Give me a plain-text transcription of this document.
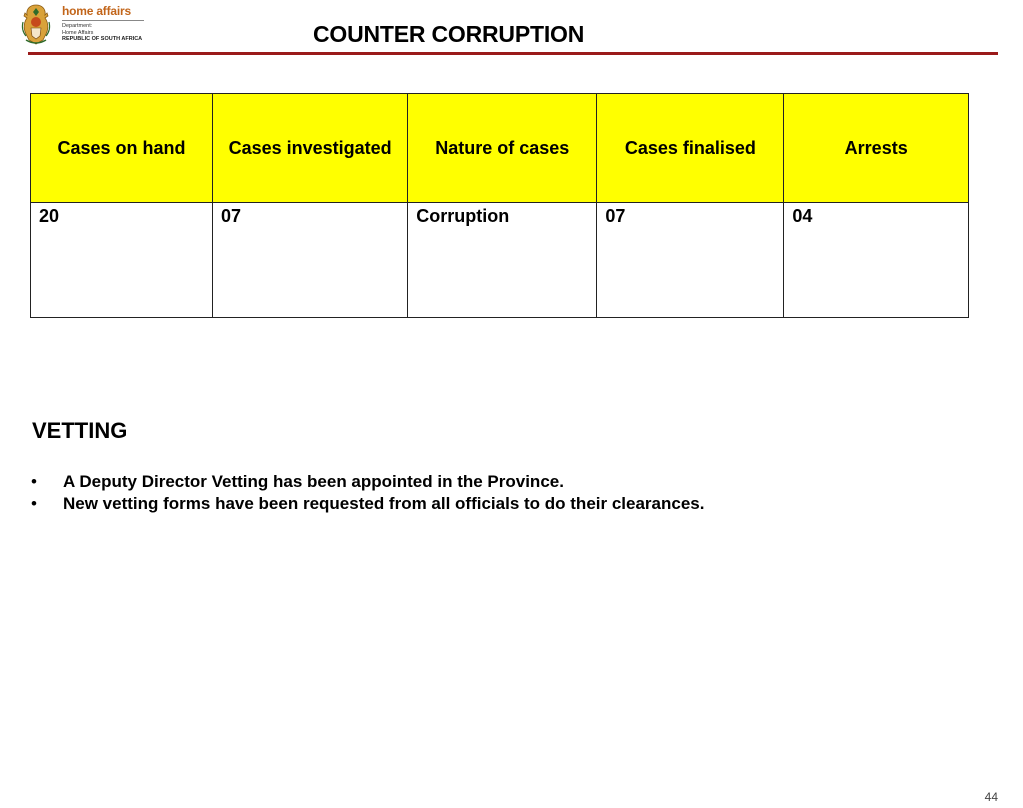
home affairs
Department:
Home Affairs
REPUBLIC OF SOUTH AFRICA	COUNTER CORRUPTION
Cases on hand	Cases investigated	Nature of cases	Cases finalised	Arrests
20	07	Corruption	07	04
VETTING
• A Deputy Director Vetting has been appointed in the Province.
• New vetting forms have been requested from all officials to do their clearances.
44
